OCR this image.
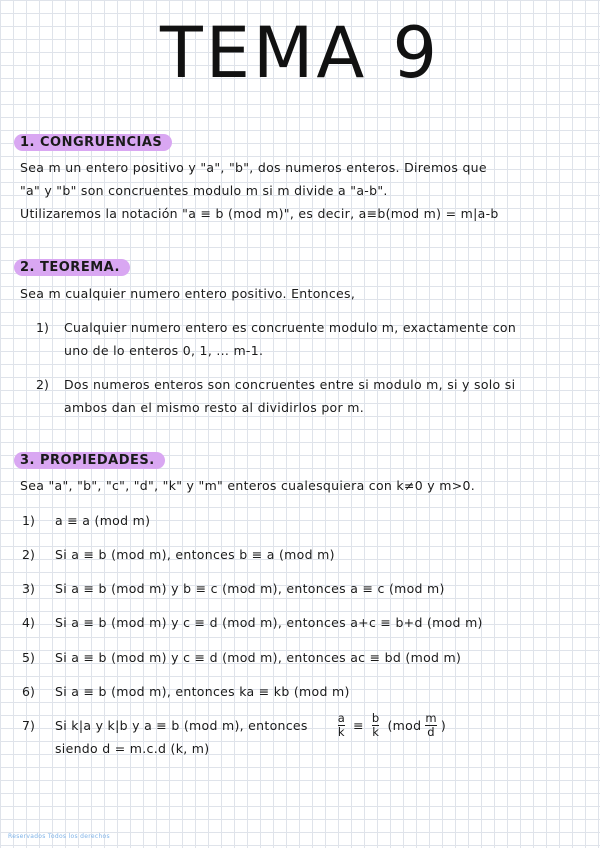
TEMA 9
1. CONGRUENCIAS
Sea m un entero positivo y "a", "b", dos numeros enteros. Diremos que
"a" y "b" son concruentes modulo m si m divide a "a-b".
Utilizaremos la notación "a ≡ b (mod m)", es decir, a≡b(mod m) = m|a-b
2. TEOREMA.
Sea m cualquier numero entero positivo. Entonces,
1) Cualquier numero entero es concruente modulo m, exactamente con
uno de lo enteros 0, 1, ... m-1.
2) Dos numeros enteros son concruentes entre si modulo m, si y solo si
ambos dan el mismo resto al dividirlos por m.
3. PROPIEDADES.
Sea "a", "b", "c", "d", "k" y "m" enteros cualesquiera con k≠0 y m>0.
1) a ≡ a (mod m)
2) Si a ≡ b (mod m), entonces b ≡ a (mod m)
3) Si a ≡ b (mod m) y b ≡ c (mod m), entonces a ≡ c (mod m)
4) Si a ≡ b (mod m) y c ≡ d (mod m), entonces a+c ≡ b+d (mod m)
5) Si a ≡ b (mod m) y c ≡ d (mod m), entonces ac ≡ bd (mod m)
6) Si a ≡ b (mod m), entonces ka ≡ kb (mod m)
7) Si k|a y k|b y a ≡ b (mod m), entonces	$\frac{a}{k} \equiv \frac{b}{k} (mod \frac{m}{d}$ )
siendo d = m.c.d (k, m)
Reservados Todos los derechos
